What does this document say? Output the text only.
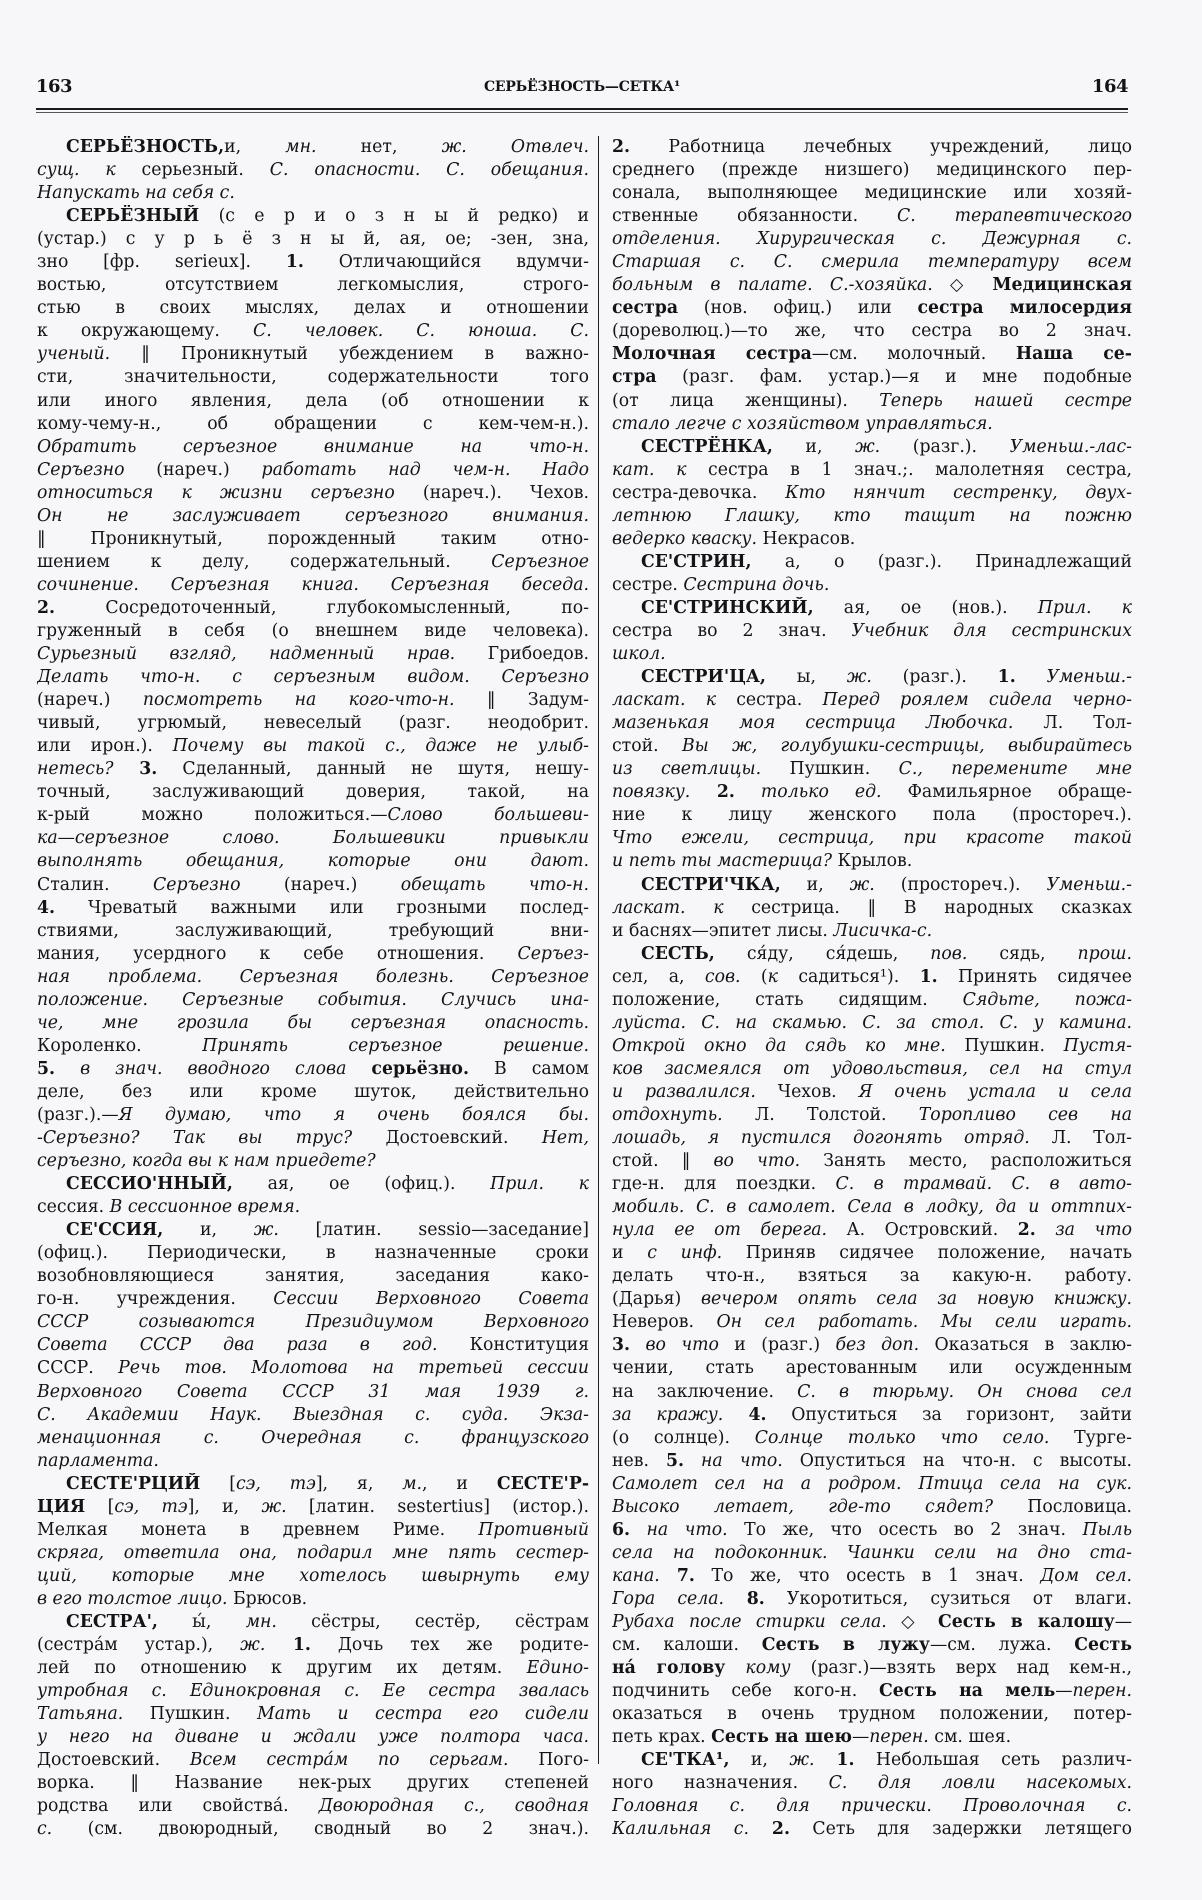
163	СЕРЬЁЗНОСТЬ—СЕТКА¹	164
СЕРЬЁЗНОСТЬ,и, мн. нет, ж. Отвлеч.
сущ. к серьезный. С. опасности. С. обещания.
Напускать на себя с.
СЕРЬЁЗНЫЙ (с е р и о з н ы й редко) и
(устар.) с у р ь ё з н ы й, ая, ое; -зен, зна,
зно [фр. serieux]. 1. Отличающийся вдумчи-
востью, отсутствием легкомыслия, строго-
стью в своих мыслях, делах и отношении
к окружающему. С. человек. С. юноша. С.
ученый. ‖ Проникнутый убеждением в важно-
сти, значительности, содержательности того
или иного явления, дела (об отношении к
кому-чему-н., об обращении с кем-чем-н.).
Обратить серъезное внимание на что-н.
Серъезно (нареч.) работать над чем-н. Надо
относиться к жизни серъезно (нареч.). Чехов.
Он не заслуживает серъезного внимания.
‖ Проникнутый, порожденный таким отно-
шением к делу, содержательный. Серъезное
сочинение. Серъезная книга. Серъезная беседа.
2. Сосредоточенный, глубокомысленный, по-
груженный в себя (о внешнем виде человека).
Сурьезный взгляд, надменный нрав. Грибоедов.
Делать что-н. с серъезным видом. Серъезно
(нареч.) посмотреть на кого-что-н. ‖ Задум-
чивый, угрюмый, невеселый (разг. неодобрит.
или ирон.). Почему вы такой с., даже не улыб-
нетесь? 3. Сделанный, данный не шутя, нешу-
точный, заслуживающий доверия, такой, на
к-рый можно положиться.—Слово большеви-
ка—серъезное слово. Большевики привыкли
выполнять обещания, которые они дают.
Сталин. Серъезно (нареч.) обещать что-н.
4. Чреватый важными или грозными послед-
ствиями, заслуживающий, требующий вни-
мания, усердного к себе отношения. Серъез-
ная проблема. Серъезная болезнь. Серъезное
положение. Серъезные события. Случись ина-
че, мне грозила бы серъезная опасность.
Короленко. Принять серъезное решение.
5. в знач. вводного слова серьёзно. В самом
деле, без или кроме шуток, действительно
(разг.).—Я думаю, что я очень боялся бы.
-Серъезно? Так вы трус? Достоевский. Нет,
серъезно, когда вы к нам приедете?
СЕССИО'ННЫЙ, ая, ое (офиц.). Прил. к
сессия. В сессионное время.
СЕ'ССИЯ, и, ж. [латин. sessio—заседание]
(офиц.). Периодически, в назначенные сроки
возобновляющиеся занятия, заседания како-
го-н. учреждения. Сессии Верховного Совета
СССР созываются Президиумом Верховного
Совета СССР два раза в год. Конституция
СССР. Речь тов. Молотова на третьей сессии
Верховного Совета СССР 31 мая 1939 г.
С. Академии Наук. Выездная с. суда. Экза-
менационная с. Очередная с. французского
парламента.
СЕСТЕ'РЦИЙ [сэ, тэ], я, м., и СЕСТЕ'Р-
ЦИЯ [сэ, тэ], и, ж. [латин. sestertius] (истор.).
Мелкая монета в древнем Риме. Противный
скряга, ответила она, подарил мне пять сестер-
ций, которые мне хотелось швырнуть ему
в его толстое лицо. Брюсов.
СЕСТРА', ы́, мн. сёстры, сестёр, сёстрам
(сестра́м устар.), ж. 1. Дочь тех же родите-
лей по отношению к другим их детям. Едино-
утробная с. Единокровная с. Ее сестра звалась
Татьяна. Пушкин. Мать и сестра его сидели
у него на диване и ждали уже полтора часа.
Достоевский. Всем сестра́м по серьгам. Пого-
ворка. ‖ Название нек-рых других степеней
родства или свойства́. Двоюродная с., сводная
с. (см. двоюродный, сводный во 2 знач.).
2. Работница лечебных учреждений, лицо
среднего (прежде низшего) медицинского пер-
сонала, выполняющее медицинские или хозяй-
ственные обязанности. С. терапевтического
отделения. Хирургическая с. Дежурная с.
Старшая с. С. смерила температуру всем
больным в палате. С.-хозяйка. ◇ Медицинская
сестра (нов. офиц.) или сестра милосердия
(дореволюц.)—то же, что сестра во 2 знач.
Молочная сестра—см. молочный. Наша се-
стра (разг. фам. устар.)—я и мне подобные
(от лица женщины). Теперь нашей сестре
стало легче с хозяйством управляться.
СЕСТРЁНКА, и, ж. (разг.). Уменьш.-лас-
кат. к сестра в 1 знач.;. малолетняя сестра,
сестра-девочка. Кто нянчит сестренку, двух-
летнюю Глашку, кто тащит на пожню
ведерко кваску. Некрасов.
СЕ'СТРИН, а, о (разг.). Принадлежащий
сестре. Сестрина дочь.
СЕ'СТРИНСКИЙ, ая, ое (нов.). Прил. к
сестра во 2 знач. Учебник для сестринских
школ.
СЕСТРИ'ЦА, ы, ж. (разг.). 1. Уменьш.-
ласкат. к сестра. Перед роялем сидела черно-
мазенькая моя сестрица Любочка. Л. Тол-
стой. Вы ж, голубушки-сестрицы, выбирайтесь
из светлицы. Пушкин. С., перемените мне
повязку. 2. только ед. Фамильярное обраще-
ние к лицу женского пола (простореч.).
Что ежели, сестрица, при красоте такой
и петь ты мастерица? Крылов.
СЕСТРИ'ЧКА, и, ж. (простореч.). Уменьш.-
ласкат. к сестрица. ‖ В народных сказках
и баснях—эпитет лисы. Лисичка-с.
СЕСТЬ, ся́ду, ся́дешь, пов. сядь, прош.
сел, а, сов. (к садиться¹). 1. Принять сидячее
положение, стать сидящим. Сядьте, пожа-
луйста. С. на скамью. С. за стол. С. у камина.
Открой окно да сядь ко мне. Пушкин. Пустя-
ков засмеялся от удовольствия, сел на стул
и развалился. Чехов. Я очень устала и села
отдохнуть. Л. Толстой. Торопливо сев на
лошадь, я пустился догонять отряд. Л. Тол-
стой. ‖ во что. Занять место, расположиться
где-н. для поездки. С. в трамвай. С. в авто-
мобиль. С. в самолет. Села в лодку, да и оттпих-
нула ее от берега. А. Островский. 2. за что
и с инф. Приняв сидячее положение, начать
делать что-н., взяться за какую-н. работу.
(Дарья) вечером опять села за новую книжку.
Неверов. Он сел работать. Мы сели играть.
3. во что и (разг.) без доп. Оказаться в заклю-
чении, стать арестованным или осужденным
на заключение. С. в тюрьму. Он снова сел
за кражу. 4. Опуститься за горизонт, зайти
(о солнце). Солнце только что село. Турге-
нев. 5. на что. Опуститься на что-н. с высоты.
Самолет сел на а родром. Птица села на сук.
Высоко летает, где-то сядет? Пословица.
6. на что. То же, что осесть во 2 знач. Пыль
села на подоконник. Чаинки сели на дно ста-
кана. 7. То же, что осесть в 1 знач. Дом сел.
Гора села. 8. Укоротиться, сузиться от влаги.
Рубаха после стирки села. ◇ Сесть в калошу—
см. калоши. Сесть в лужу—см. лужа. Сесть
на́ голову кому (разг.)—взять верх над кем-н.,
подчинить себе кого-н. Сесть на мель—перен.
оказаться в очень трудном положении, потер-
петь крах. Сесть на шею—перен. см. шея.
СЕ'ТКА¹, и, ж. 1. Небольшая сеть различ-
ного назначения. С. для ловли насекомых.
Головная с. для прически. Проволочная с.
Калильная с. 2. Сеть для задержки летящего
